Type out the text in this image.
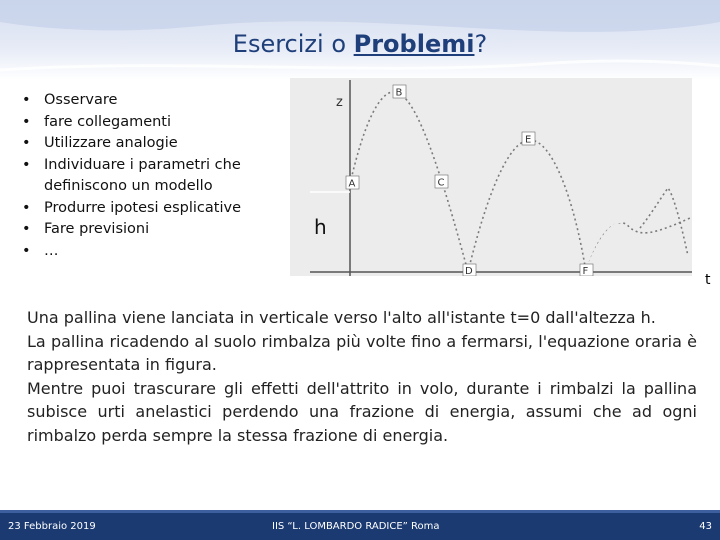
Esercizi o Problemi?
• Osservare
• fare collegamenti
• Utilizzare analogie
• Individuare i parametri che definiscono un modello
• Produrre ipotesi esplicative
• Fare previsioni
• …
z
h
B
E
A	C
D	F
t

Una pallina viene lanciata in verticale verso l'alto all'istante t=0 dall'altezza h.
La pallina ricadendo al suolo rimbalza più volte fino a fermarsi, l'equazione oraria è rappresentata in figura.
Mentre puoi trascurare gli effetti dell'attrito in volo, durante i rimbalzi la pallina subisce urti anelastici perdendo una frazione di energia, assumi che ad ogni rimbalzo perda sempre la stessa frazione di energia.

23 Febbraio 2019	IIS “L. LOMBARDO RADICE” Roma	43
